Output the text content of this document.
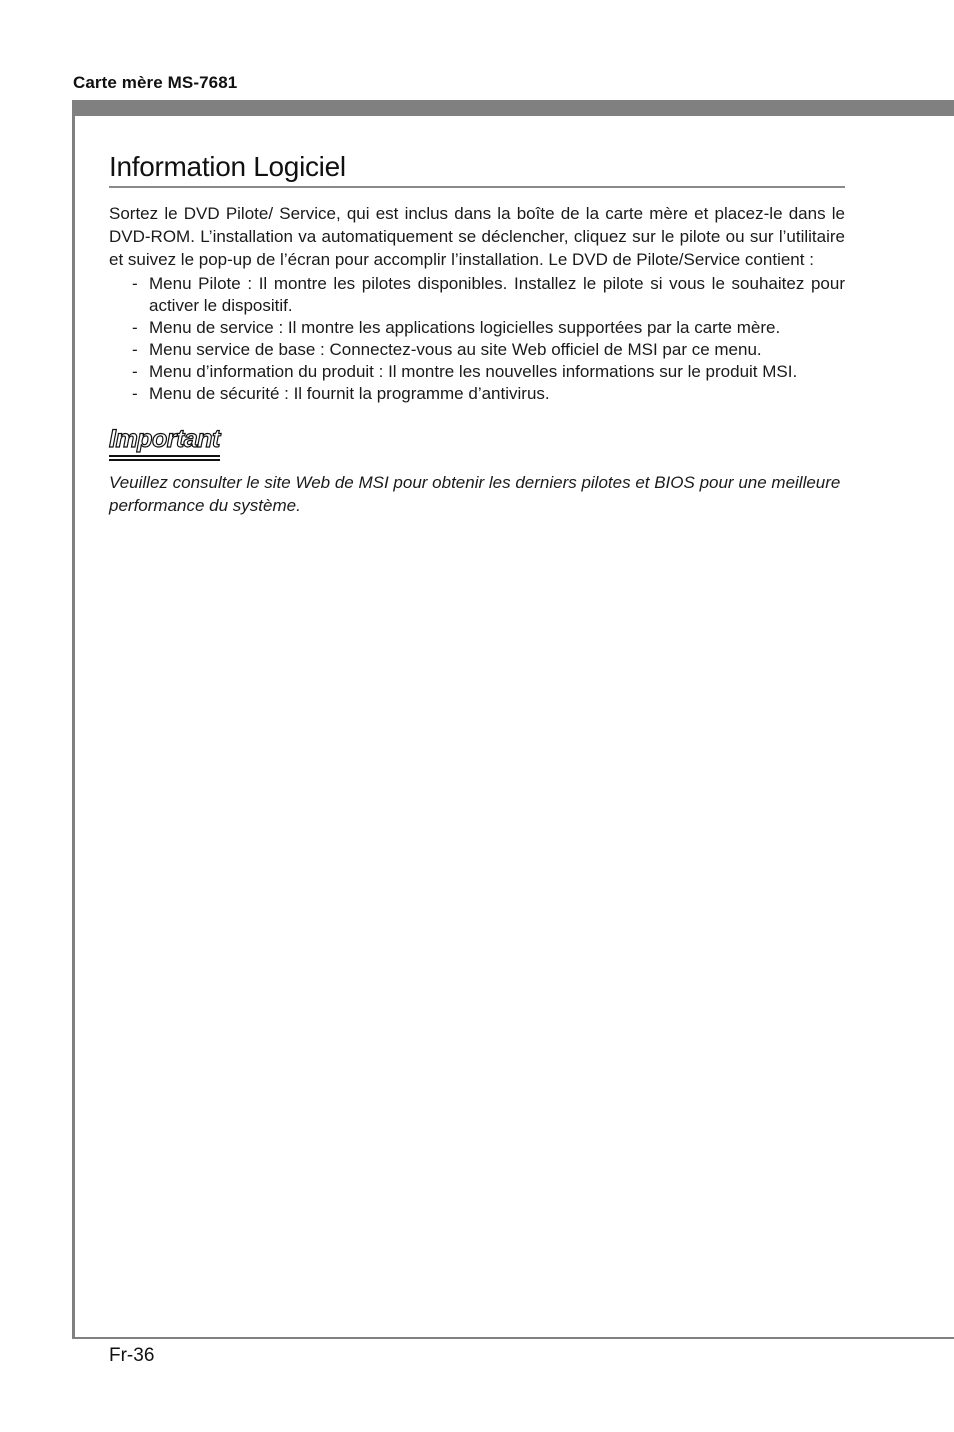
Carte mère MS-7681
Information Logiciel

Sortez le DVD Pilote/ Service, qui est inclus dans la boîte de la carte mère et placez-le dans le DVD-ROM. L’installation va automatiquement se déclencher, cliquez sur le pilote ou sur l’utilitaire et suivez le pop-up de l’écran pour accomplir l’installation. Le DVD de Pilote/Service contient :

- Menu Pilote : Il montre les pilotes disponibles. Installez le pilote si vous le souhaitez pour activer le dispositif.
- Menu de service : Il montre les applications logicielles supportées par la carte mère.
- Menu service de base : Connectez-vous au site Web officiel de MSI par ce menu.
- Menu d’information du produit : Il montre les nouvelles informations sur le produit MSI.
- Menu de sécurité : Il fournit la programme d’antivirus.
Important

Veuillez consulter le site Web de MSI pour obtenir les derniers pilotes et BIOS pour une meilleure performance du système.

Fr-36
